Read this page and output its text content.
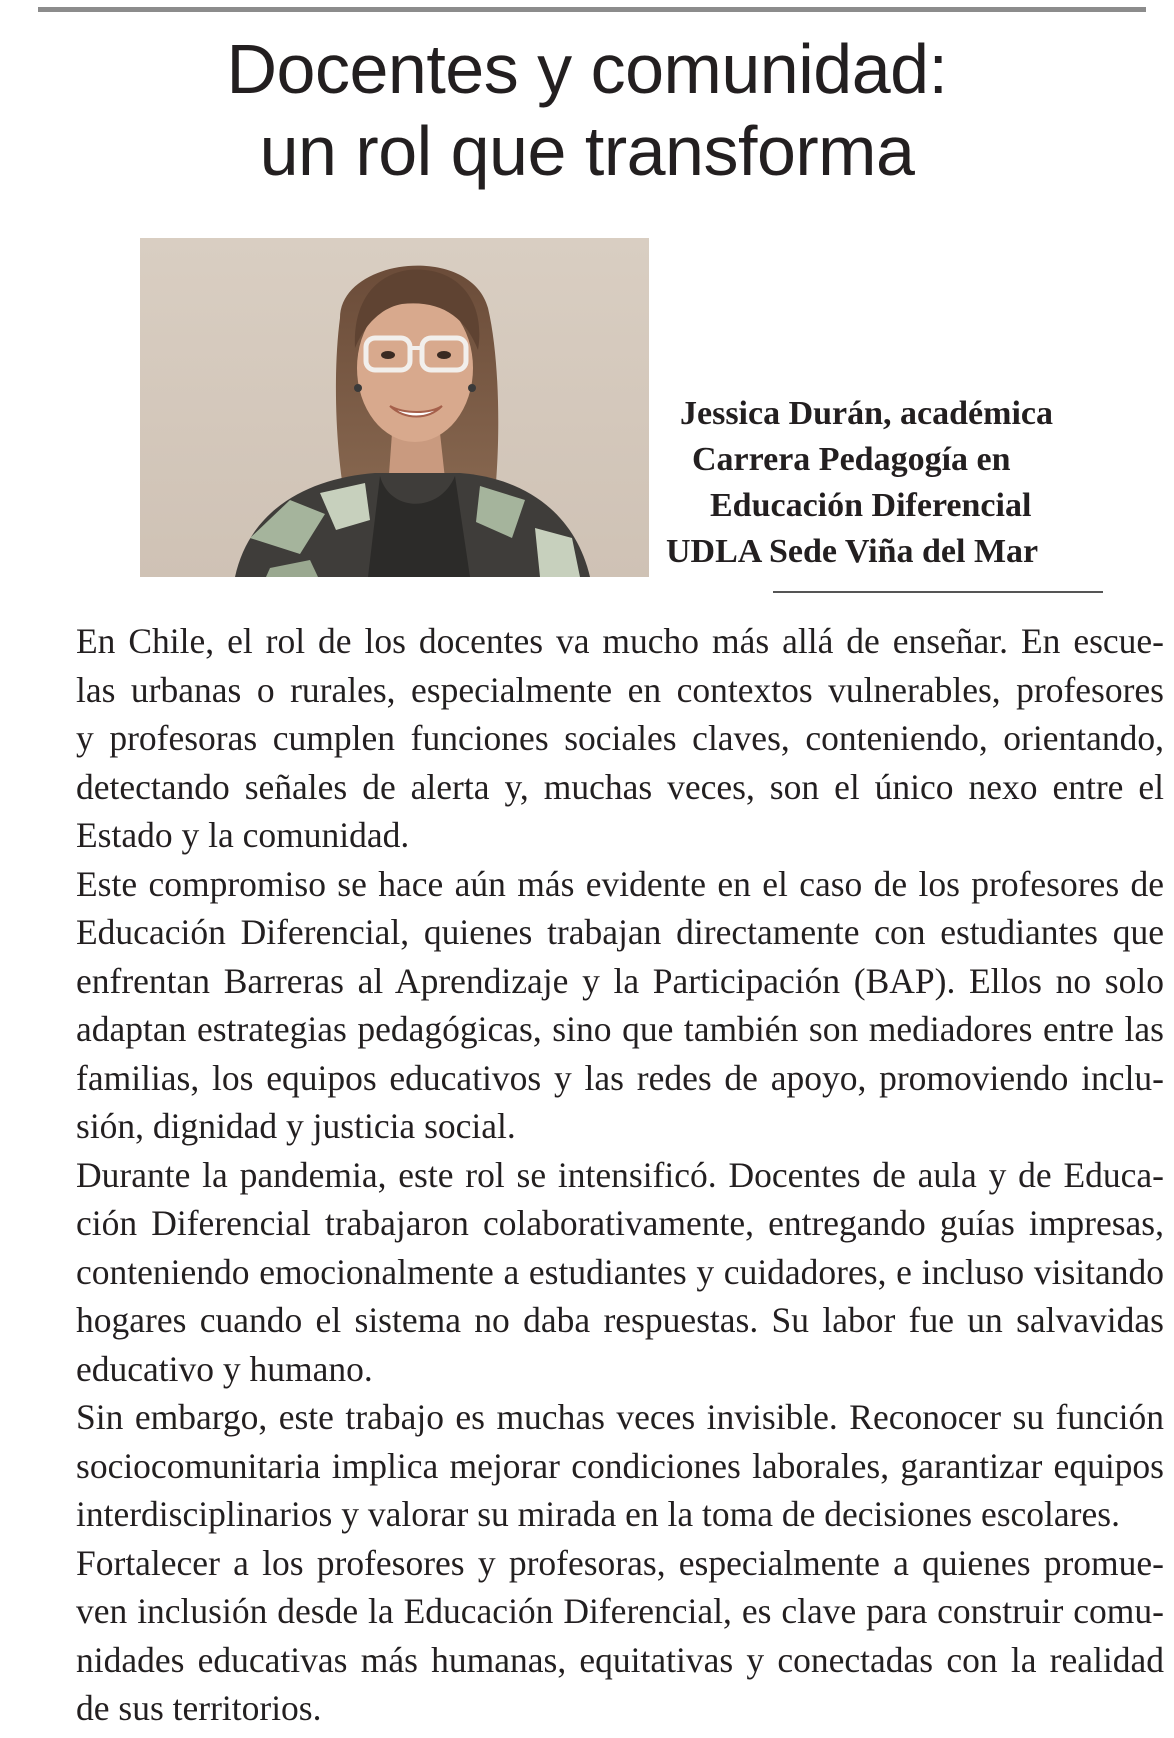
Docentes y comunidad:
un rol que transforma
Jessica Durán, académica
Carrera Pedagogía en
Educación Diferencial
UDLA Sede Viña del Mar

En Chile, el rol de los docentes va mucho más allá de enseñar. En escue-
las urbanas o rurales, especialmente en contextos vulnerables, profesores
y profesoras cumplen funciones sociales claves, conteniendo, orientando,
detectando señales de alerta y, muchas veces, son el único nexo entre el
Estado y la comunidad.

Este compromiso se hace aún más evidente en el caso de los profesores de
Educación Diferencial, quienes trabajan directamente con estudiantes que
enfrentan Barreras al Aprendizaje y la Participación (BAP). Ellos no solo
adaptan estrategias pedagógicas, sino que también son mediadores entre las
familias, los equipos educativos y las redes de apoyo, promoviendo inclu-
sión, dignidad y justicia social.

Durante la pandemia, este rol se intensificó. Docentes de aula y de Educa-
ción Diferencial trabajaron colaborativamente, entregando guías impresas,
conteniendo emocionalmente a estudiantes y cuidadores, e incluso visitando
hogares cuando el sistema no daba respuestas. Su labor fue un salvavidas
educativo y humano.

Sin embargo, este trabajo es muchas veces invisible. Reconocer su función
sociocomunitaria implica mejorar condiciones laborales, garantizar equipos
interdisciplinarios y valorar su mirada en la toma de decisiones escolares.

Fortalecer a los profesores y profesoras, especialmente a quienes promue-
ven inclusión desde la Educación Diferencial, es clave para construir comu-
nidades educativas más humanas, equitativas y conectadas con la realidad
de sus territorios.
